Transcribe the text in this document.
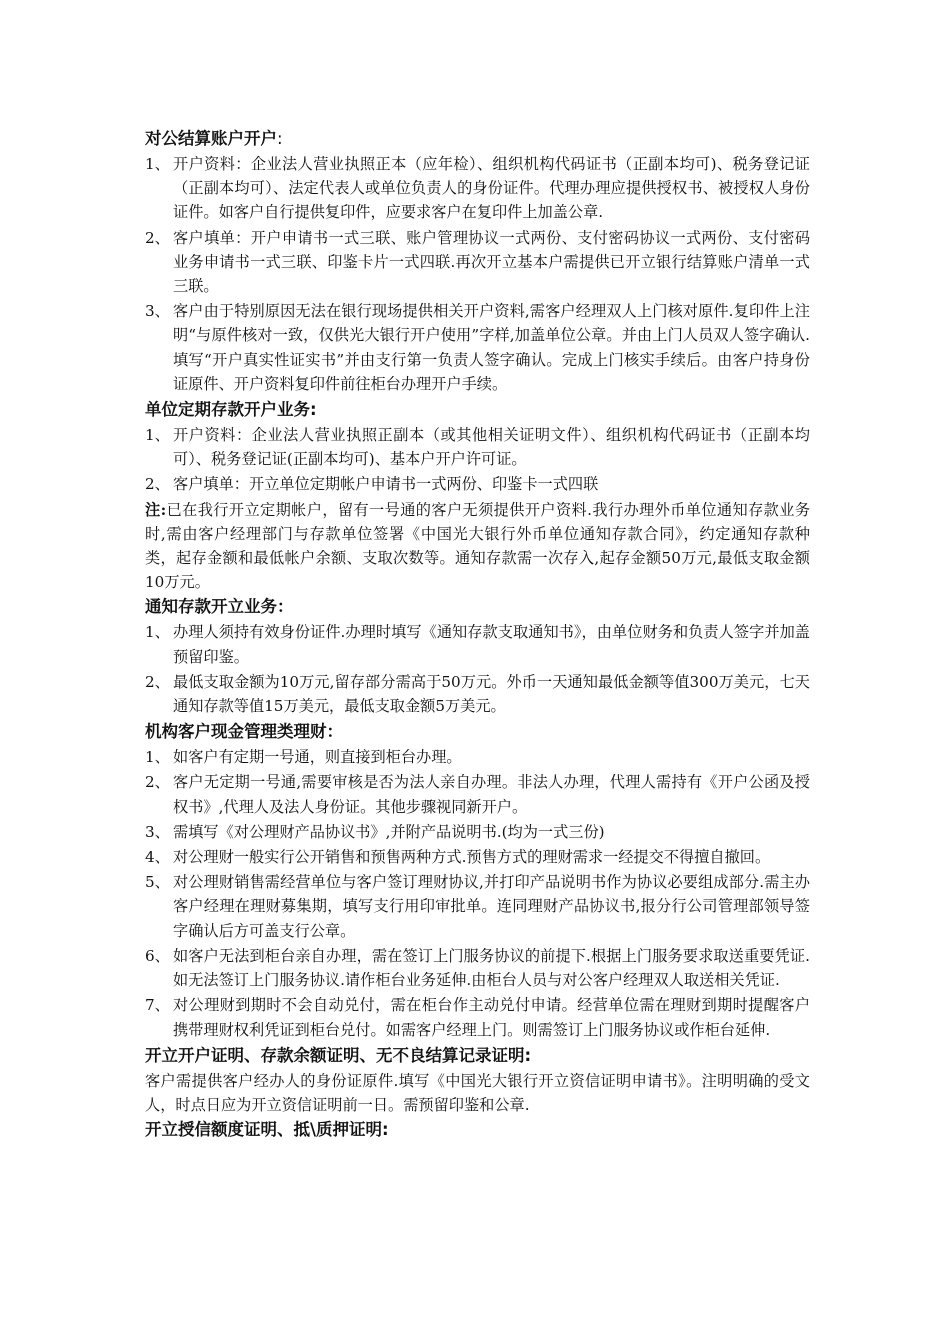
对公结算账户开户:
1、 开户资料：企业法人营业执照正本（应年检）、组织机构代码证书（正副本均可)、税务登记证（正副本均可）、法定代表人或单位负责人的身份证件。代理办理应提供授权书、被授权人身份证件。如客户自行提供复印件，应要求客户在复印件上加盖公章.
2、 客户填单：开户申请书一式三联、账户管理协议一式两份、支付密码协议一式两份、支付密码业务申请书一式三联、印鉴卡片一式四联.再次开立基本户需提供已开立银行结算账户清单一式三联。
3、 客户由于特别原因无法在银行现场提供相关开户资料,需客户经理双人上门核对原件.复印件上注明“与原件核对一致，仅供光大银行开户使用”字样,加盖单位公章。并由上门人员双人签字确认.填写“开户真实性证实书”并由支行第一负责人签字确认。完成上门核实手续后。由客户持身份证原件、开户资料复印件前往柜台办理开户手续。
单位定期存款开户业务:
1、 开户资料：企业法人营业执照正副本（或其他相关证明文件）、组织机构代码证书（正副本均可）、税务登记证(正副本均可)、基本户开户许可证。
2、 客户填单：开立单位定期帐户申请书一式两份、印鉴卡一式四联

注:已在我行开立定期帐户，留有一号通的客户无须提供开户资料.我行办理外币单位通知存款业务时,需由客户经理部门与存款单位签署《中国光大银行外币单位通知存款合同》，约定通知存款种类，起存金额和最低帐户余额、支取次数等。通知存款需一次存入,起存金额50万元,最低支取金额10万元。

通知存款开立业务：
1、 办理人须持有效身份证件.办理时填写《通知存款支取通知书》，由单位财务和负责人签字并加盖预留印鉴。
2、 最低支取金额为10万元,留存部分需高于50万元。外币一天通知最低金额等值300万美元，七天通知存款等值15万美元，最低支取金额5万美元。
机构客户现金管理类理财：
1、 如客户有定期一号通，则直接到柜台办理。
2、 客户无定期一号通,需要审核是否为法人亲自办理。非法人办理，代理人需持有《开户公函及授权书》,代理人及法人身份证。其他步骤视同新开户。
3、 需填写《对公理财产品协议书》,并附产品说明书.(均为一式三份)
4、 对公理财一般实行公开销售和预售两种方式.预售方式的理财需求一经提交不得擅自撤回。
5、 对公理财销售需经营单位与客户签订理财协议,并打印产品说明书作为协议必要组成部分.需主办客户经理在理财募集期，填写支行用印审批单。连同理财产品协议书,报分行公司管理部领导签字确认后方可盖支行公章。
6、 如客户无法到柜台亲自办理，需在签订上门服务协议的前提下.根据上门服务要求取送重要凭证.如无法签订上门服务协议.请作柜台业务延伸.由柜台人员与对公客户经理双人取送相关凭证.
7、 对公理财到期时不会自动兑付，需在柜台作主动兑付申请。经营单位需在理财到期时提醒客户携带理财权利凭证到柜台兑付。如需客户经理上门。则需签订上门服务协议或作柜台延伸.
开立开户证明、存款余额证明、无不良结算记录证明:

客户需提供客户经办人的身份证原件.填写《中国光大银行开立资信证明申请书》。注明明确的受文人，时点日应为开立资信证明前一日。需预留印鉴和公章.

开立授信额度证明、抵\质押证明:
